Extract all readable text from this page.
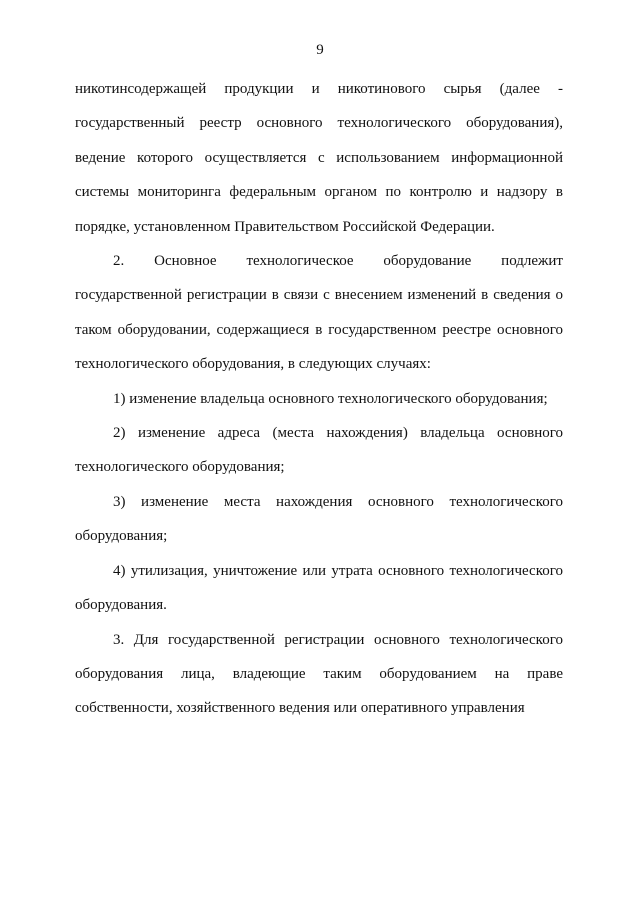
9

никотинсодержащей продукции и никотинового сырья (далее - государственный реестр основного технологического оборудования), ведение которого осуществляется с использованием информационной системы мониторинга федеральным органом по контролю и надзору в порядке, установленном Правительством Российской Федерации.

2. Основное технологическое оборудование подлежит государственной регистрации в связи с внесением изменений в сведения о таком оборудовании, содержащиеся в государственном реестре основного технологического оборудования, в следующих случаях:

1) изменение владельца основного технологического оборудования;

2) изменение адреса (места нахождения) владельца основного технологического оборудования;

3) изменение места нахождения основного технологического оборудования;

4) утилизация, уничтожение или утрата основного технологического оборудования.

3. Для государственной регистрации основного технологического оборудования лица, владеющие таким оборудованием на праве собственности, хозяйственного ведения или оперативного управления
